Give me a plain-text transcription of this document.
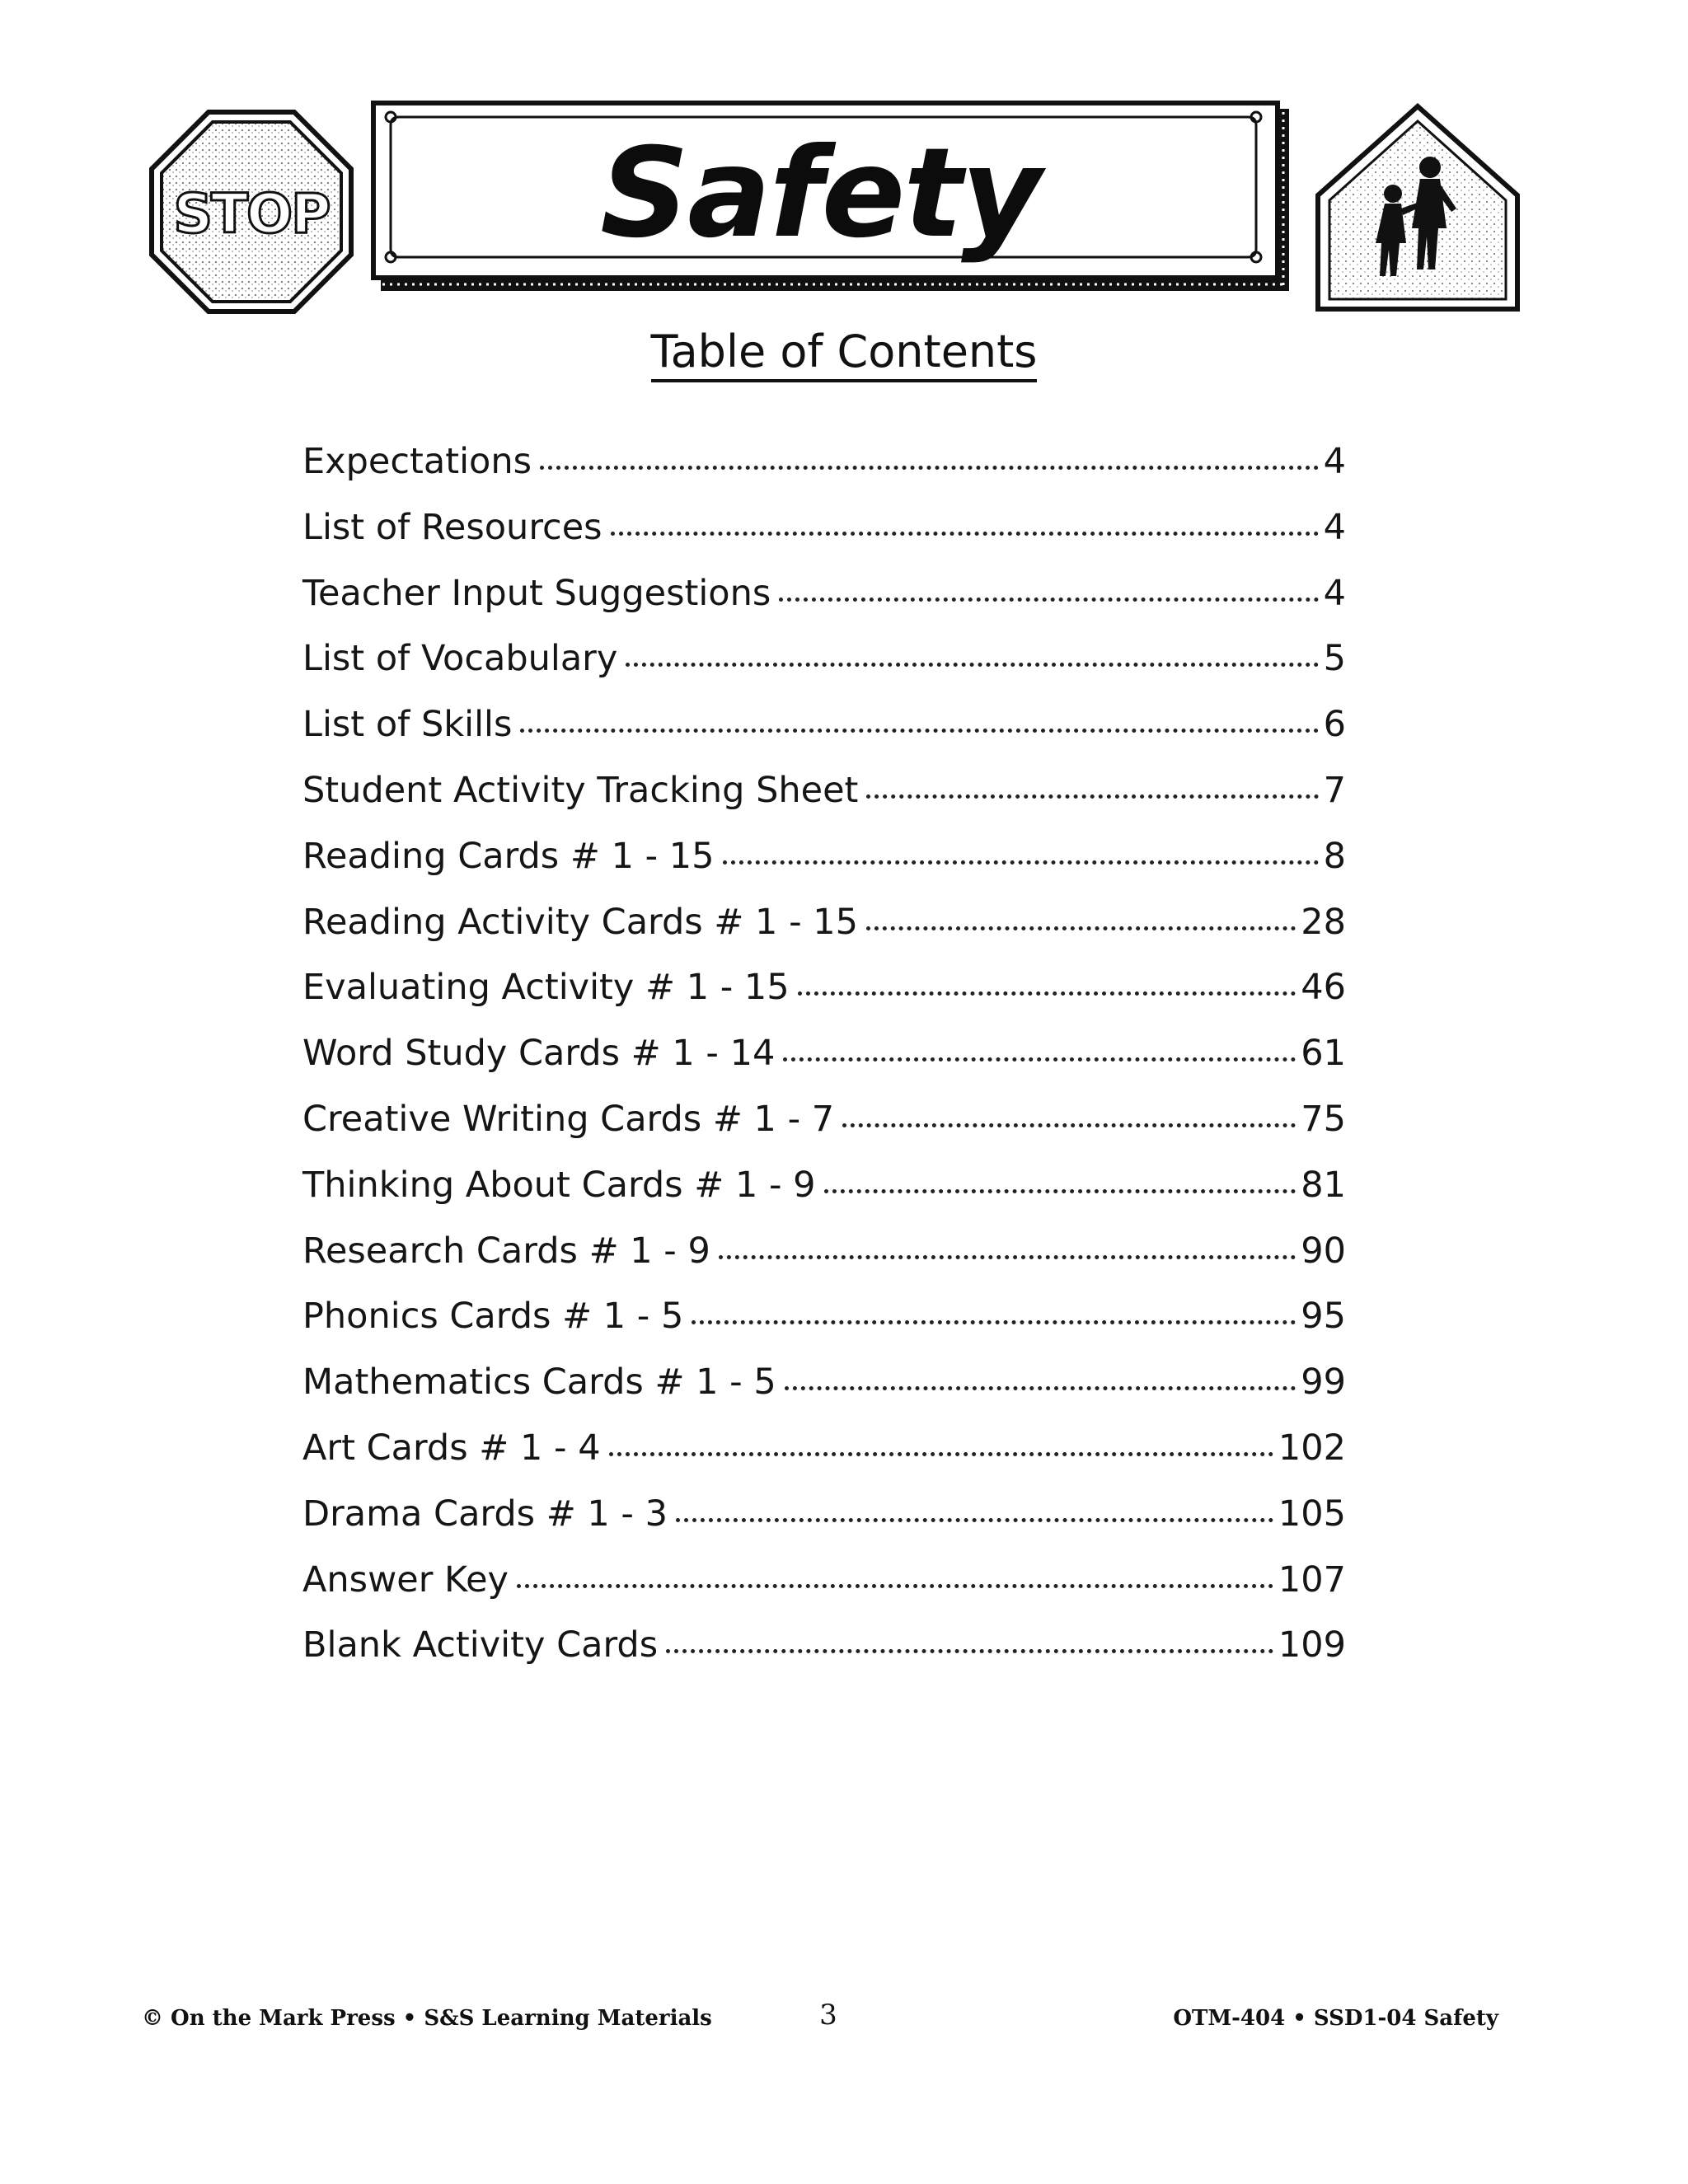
STOP	Safety
Table of Contents
Expectations	4
List of Resources	4
Teacher Input Suggestions	4
List of Vocabulary	5
List of Skills	6
Student Activity Tracking Sheet	7
Reading Cards # 1 - 15	8
Reading Activity Cards # 1 - 15	28
Evaluating Activity # 1 - 15	46
Word Study Cards # 1 - 14	61
Creative Writing Cards # 1 - 7	75
Thinking About Cards # 1 - 9	81
Research Cards # 1 - 9	90
Phonics Cards # 1 - 5	95
Mathematics Cards # 1 - 5	99
Art Cards # 1 - 4	102
Drama Cards # 1 - 3	105
Answer Key	107
Blank Activity Cards	109
© On the Mark Press • S&S Learning Materials	3	OTM-404 • SSD1-04 Safety
